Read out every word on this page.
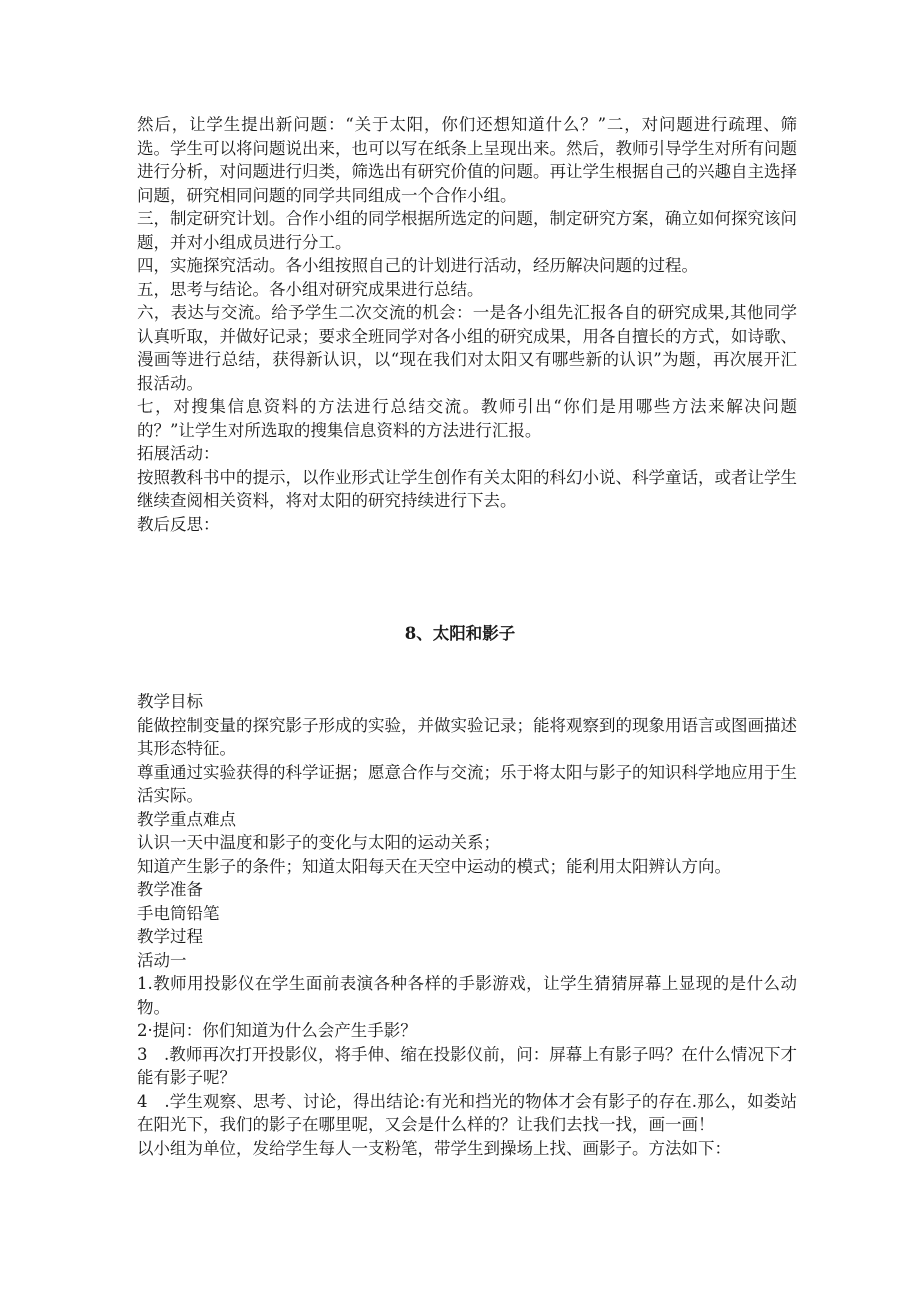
然后，让学生提出新问题：“关于太阳，你们还想知道什么？”二，对问题进行疏理、筛选。学生可以将问题说出来，也可以写在纸条上呈现出来。然后，教师引导学生对所有问题进行分析，对问题进行归类，筛选出有研究价值的问题。再让学生根据自己的兴趣自主选择问题，研究相同问题的同学共同组成一个合作小组。

三，制定研究计划。合作小组的同学根据所选定的问题，制定研究方案，确立如何探究该问题，并对小组成员进行分工。

四，实施探究活动。各小组按照自己的计划进行活动，经历解决问题的过程。

五，思考与结论。各小组对研究成果进行总结。

六，表达与交流。给予学生二次交流的机会：一是各小组先汇报各自的研究成果,其他同学认真听取，并做好记录；要求全班同学对各小组的研究成果，用各自擅长的方式，如诗歌、漫画等进行总结，获得新认识，以“现在我们对太阳又有哪些新的认识”为题，再次展开汇报活动。

七，对搜集信息资料的方法进行总结交流。教师引出“你们是用哪些方法来解决问题的？”让学生对所选取的搜集信息资料的方法进行汇报。

拓展活动：

按照教科书中的提示，以作业形式让学生创作有关太阳的科幻小说、科学童话，或者让学生继续查阅相关资料，将对太阳的研究持续进行下去。

教后反思：

8、太阳和影子

教学目标

能做控制变量的探究影子形成的实验，并做实验记录；能将观察到的现象用语言或图画描述其形态特征。

尊重通过实验获得的科学证据；愿意合作与交流；乐于将太阳与影子的知识科学地应用于生活实际。

教学重点难点

认识一天中温度和影子的变化与太阳的运动关系；

知道产生影子的条件；知道太阳每天在天空中运动的模式；能利用太阳辨认方向。

教学准备

手电筒铅笔

教学过程

活动一

1.教师用投影仪在学生面前表演各种各样的手影游戏，让学生猜猜屏幕上显现的是什么动物。

2·提问：你们知道为什么会产生手影？

3　.教师再次打开投影仪，将手伸、缩在投影仪前，问：屏幕上有影子吗？在什么情况下才能有影子呢？

4　.学生观察、思考、讨论，得出结论:有光和挡光的物体才会有影子的存在.那么，如娄站在阳光下，我们的影子在哪里呢，又会是什么样的？让我们去找一找，画一画！

以小组为单位，发给学生每人一支粉笔，带学生到操场上找、画影子。方法如下：
